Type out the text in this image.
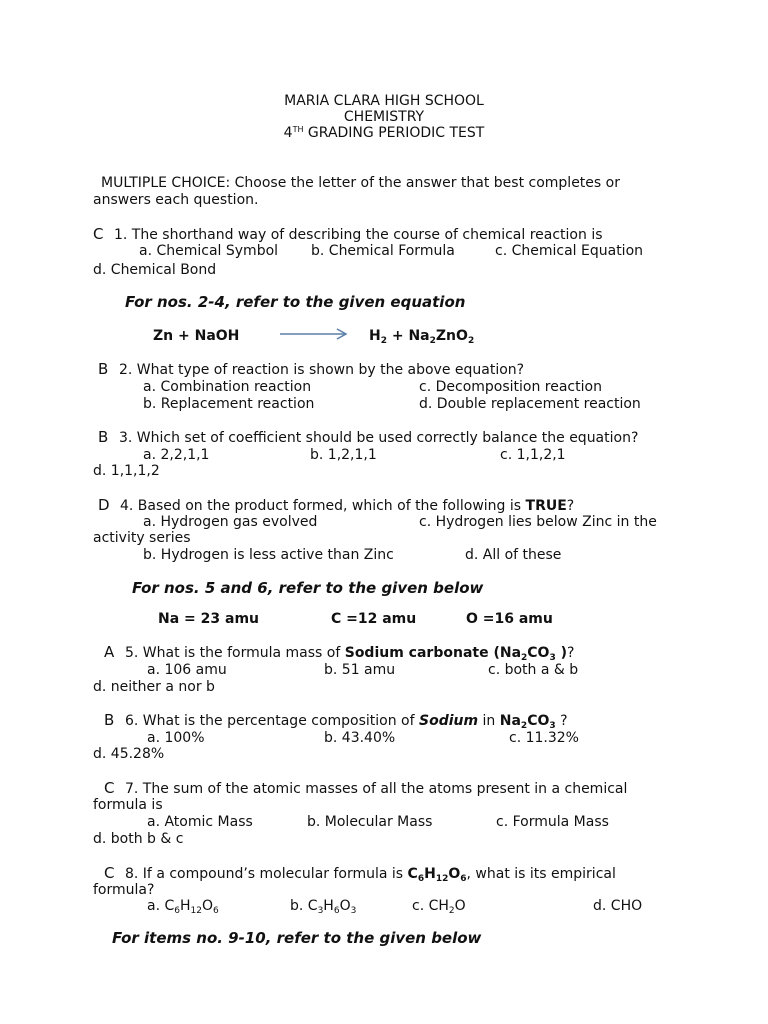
MARIA CLARA HIGH SCHOOL
CHEMISTRY
4TH GRADING PERIODIC TEST
MULTIPLE CHOICE: Choose the letter of the answer that best completes or
answers each question.
C 1. The shorthand way of describing the course of chemical reaction is
a. Chemical Symbol b. Chemical Formula	c. Chemical Equation
d. Chemical Bond
For nos. 2-4, refer to the given equation
Zn + NaOH	$H_2 + Na_2ZnO_2$
B 2. What type of reaction is shown by the above equation?
a. Combination reaction	c. Decomposition reaction
b. Replacement reaction	d. Double replacement reaction
B 3. Which set of coefficient should be used correctly balance the equation?
a. 2,2,1,1	b. 1,2,1,1	c. 1,1,2,1
d. 1,1,1,2
D 4. Based on the product formed, which of the following is TRUE?
a. Hydrogen gas evolved	c. Hydrogen lies below Zinc in the
activity series
b. Hydrogen is less active than Zinc	d. All of these
For nos. 5 and 6, refer to the given below
Na = 23 amu	C =12 amu	O =16 amu
A 5. What is the formula mass of Sodium carbonate ($Na_2CO_3$ )?
a. 106 amu	b. 51 amu	c. both a & b
d. neither a nor b
B 6. What is the percentage composition of Sodium in $Na_2CO_3$ ?
a. 100%	b. 43.40%	c. 11.32%
d. 45.28%
C 7. The sum of the atomic masses of all the atoms present in a chemical
formula is
a. Atomic Mass	b. Molecular Mass	c. Formula Mass
d. both b & c
C 8. If a compound’s molecular formula is $C_6H_{12}O_6$, what is its empirical
formula?
a. $C_6H_{12}O_6$	b. $C_3H_6O_3$	c. $CH_2O$	d. CHO
For items no. 9-10, refer to the given below
